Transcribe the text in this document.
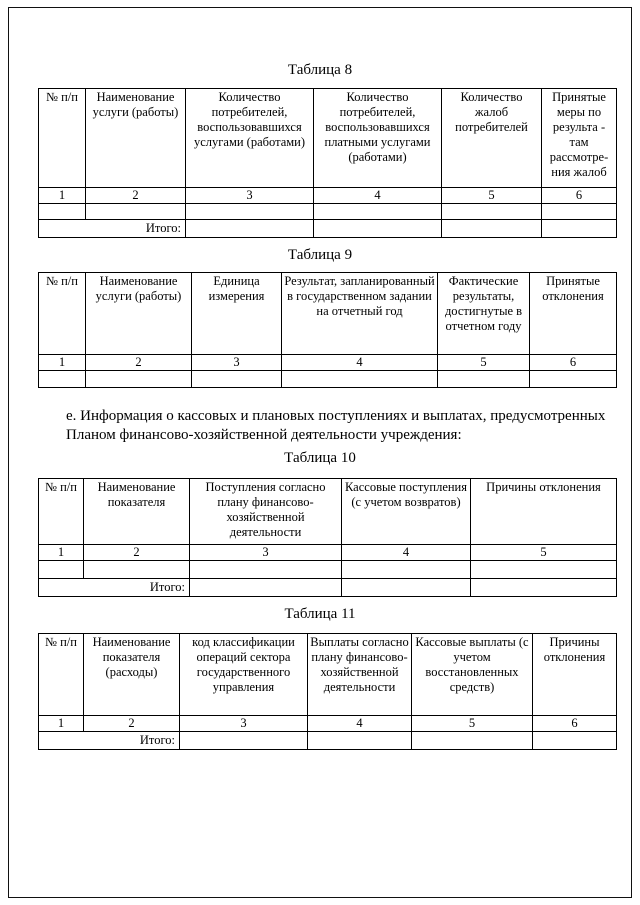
Таблица 8
№ п/п	Наименование услуги (работы)	Количество потребителей, воспользовавшихся услугами (работами)	Количество потребителей, воспользовавшихся платными услугами (работами)	Количество жалоб потребителей	Принятые меры по результа - там рассмотре-ния жалоб
1	2	3	4	5	6

Итого:					
Таблица 9
№ п/п	Наименование услуги (работы)	Единица измерения	Результат, запланированный в государственном задании на отчетный год	Фактические результаты, достигнутые в отчетном году	Принятые отклонения
1	2	3	4	5	6

е. Информация о кассовых и плановых поступлениях и выплатах, предусмотренных Планом финансово-хозяйственной деятельности учреждения:
Таблица 10
№ п/п	Наименование показателя	Поступления согласно плану финансово-хозяйственной деятельности	Кассовые поступления (с учетом возвратов)	Причины отклонения
1	2	3	4	5

Итого:				
Таблица 11
№ п/п	Наименование показателя (расходы)	код классификации операций сектора государственного управления	Выплаты согласно плану финансово-хозяйственной деятельности	Кассовые выплаты (с учетом восстановленных средств)	Причины отклонения
1	2	3	4	5	6
Итого:					
